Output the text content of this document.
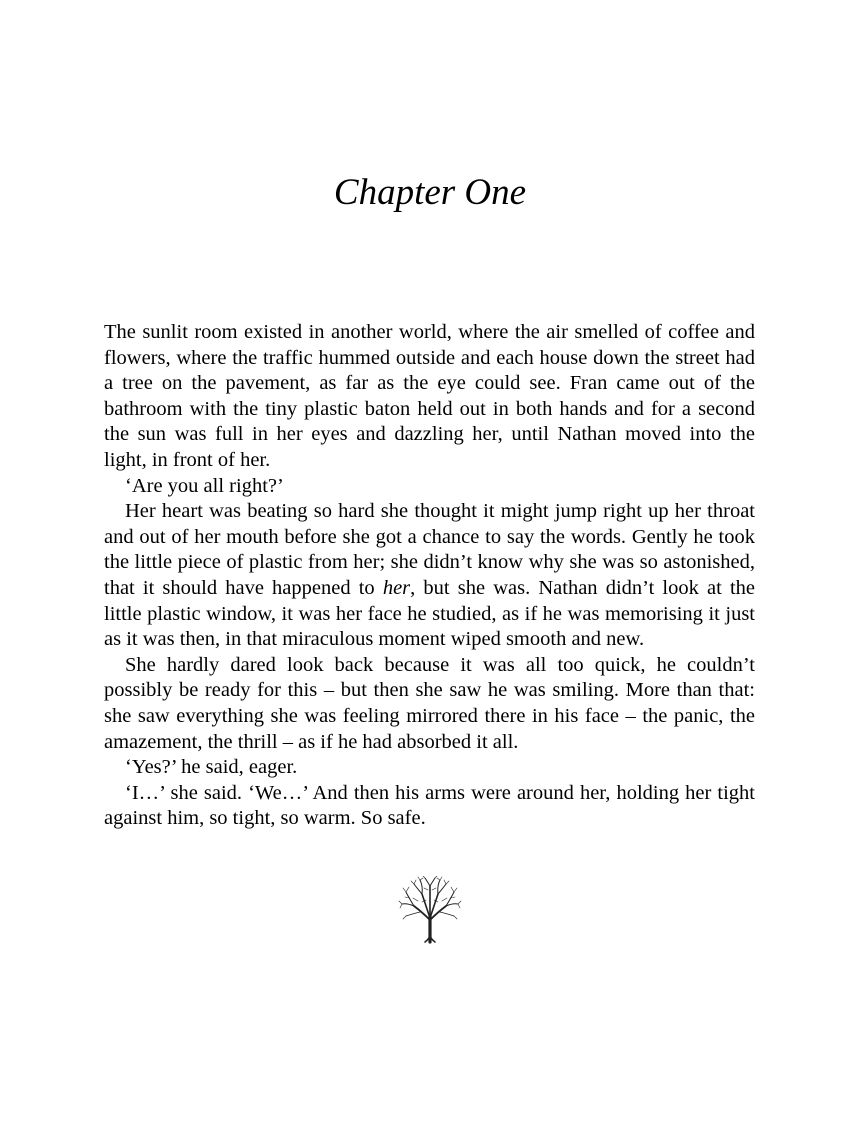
Chapter One

The sunlit room existed in another world, where the air smelled of coffee and flowers, where the traffic hummed outside and each house down the street had a tree on the pavement, as far as the eye could see. Fran came out of the bathroom with the tiny plastic baton held out in both hands and for a second the sun was full in her eyes and dazzling her, until Nathan moved into the light, in front of her.

‘Are you all right?’

Her heart was beating so hard she thought it might jump right up her throat and out of her mouth before she got a chance to say the words. Gently he took the little piece of plastic from her; she didn’t know why she was so astonished, that it should have happened to her, but she was. Nathan didn’t look at the little plastic window, it was her face he studied, as if he was memorising it just as it was then, in that miraculous moment wiped smooth and new.

She hardly dared look back because it was all too quick, he couldn’t possibly be ready for this – but then she saw he was smiling. More than that: she saw everything she was feeling mirrored there in his face – the panic, the amazement, the thrill – as if he had absorbed it all.

‘Yes?’ he said, eager.

‘I…’ she said. ‘We…’ And then his arms were around her, holding her tight against him, so tight, so warm. So safe.
